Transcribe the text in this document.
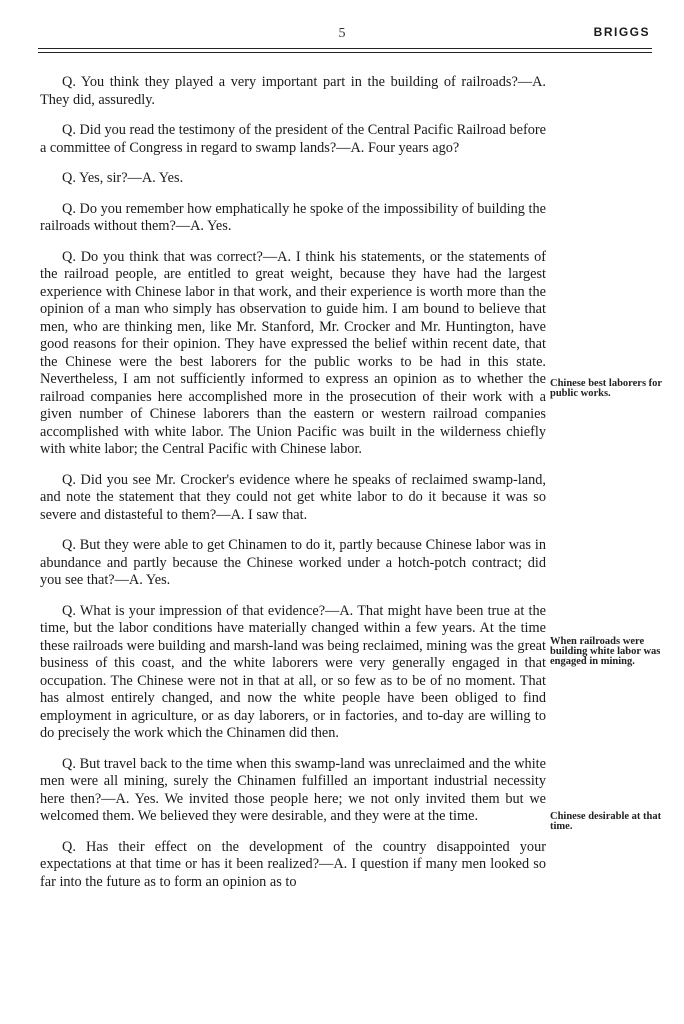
5	BRIGGS

Q. You think they played a very important part in the building of railroads?—A. They did, assuredly.

Q. Did you read the testimony of the president of the Central Pacific Railroad before a committee of Congress in regard to swamp lands?—A. Four years ago?

Q. Yes, sir?—A. Yes.

Q. Do you remember how emphatically he spoke of the impossibility of building the railroads without them?—A. Yes.

Q. Do you think that was correct?—A. I think his statements, or the statements of the railroad people, are entitled to great weight, because they have had the largest experience with Chinese labor in that work, and their experience is worth more than the opinion of a man who simply has observation to guide him. I am bound to believe that men, who are thinking men, like Mr. Stanford, Mr. Crocker and Mr. Huntington, have good reasons for their opinion. They have expressed the belief within recent date, that the Chinese were the best laborers for the public works to be had in this state. Nevertheless, I am not sufficiently informed to express an opinion as to whether the railroad companies here accomplished more in the prosecution of their work with a given number of Chinese laborers than the eastern or western railroad companies accomplished with white labor. The Union Pacific was built in the wilderness chiefly with white labor; the Central Pacific with Chinese labor.

Q. Did you see Mr. Crocker's evidence where he speaks of reclaimed swamp-land, and note the statement that they could not get white labor to do it because it was so severe and distasteful to them?—A. I saw that.

Q. But they were able to get Chinamen to do it, partly because Chinese labor was in abundance and partly because the Chinese worked under a hotch-potch contract; did you see that?—A. Yes.

Q. What is your impression of that evidence?—A. That might have been true at the time, but the labor conditions have materially changed within a few years. At the time these railroads were building and marsh-land was being reclaimed, mining was the great business of this coast, and the white laborers were very generally engaged in that occupation. The Chinese were not in that at all, or so few as to be of no moment. That has almost entirely changed, and now the white people have been obliged to find employment in agriculture, or as day laborers, or in factories, and to-day are willing to do precisely the work which the Chinamen did then.

Q. But travel back to the time when this swamp-land was unreclaimed and the white men were all mining, surely the Chinamen fulfilled an important industrial necessity here then?—A. Yes. We invited those people here; we not only invited them but we welcomed them. We believed they were desirable, and they were at the time.

Q. Has their effect on the development of the country disappointed your expectations at that time or has it been realized?—A. I question if many men looked so far into the future as to form an opinion as to

Chinese best laborers for public works.
When railroads were building white labor was engaged in mining.
Chinese desirable at that time.
